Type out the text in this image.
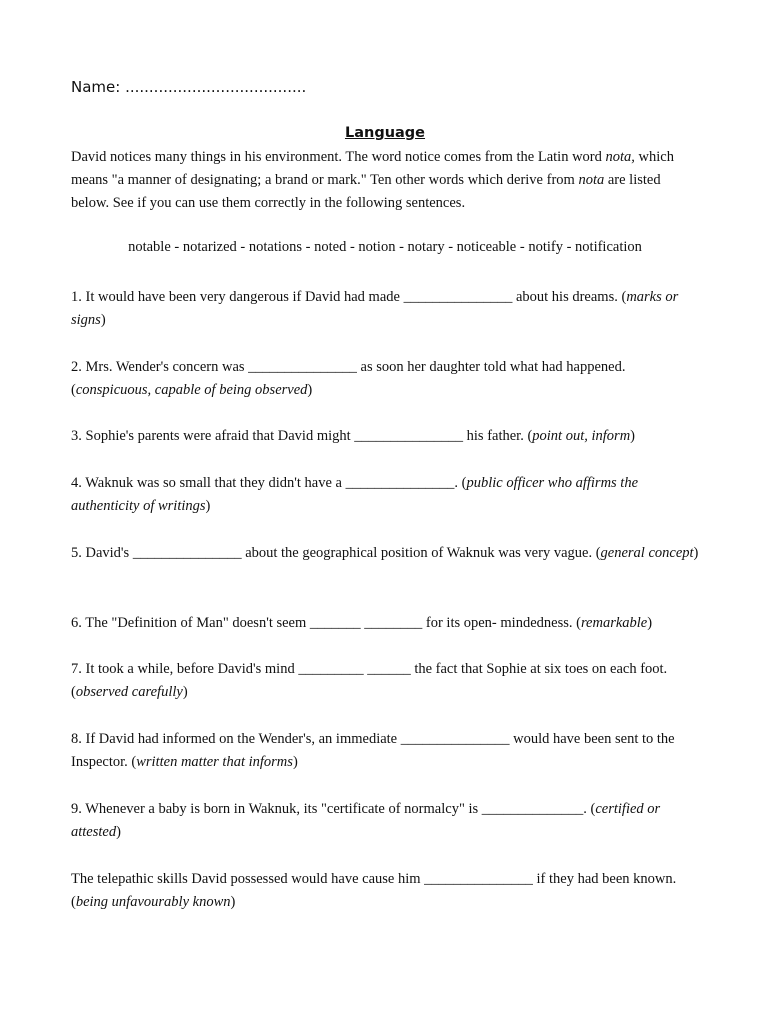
Name: ......................................
Language

David notices many things in his environment. The word notice comes from the Latin word nota, which means "a manner of designating; a brand or mark." Ten other words which derive from nota are listed below. See if you can use them correctly in the following sentences.

notable - notarized - notations - noted - notion - notary - noticeable - notify - notification

1. It would have been very dangerous if David had made _______________ about his dreams. (marks or signs)

2. Mrs. Wender's concern was _______________ as soon her daughter told what had happened. (conspicuous, capable of being observed)

3. Sophie's parents were afraid that David might _______________ his father. (point out, inform)

4. Waknuk was so small that they didn't have a _______________. (public officer who affirms the authenticity of writings)

5. David's _______________ about the geographical position of Waknuk was very vague. (general concept)

6. The "Definition of Man" doesn't seem _______ ________ for its open- mindedness. (remarkable)

7. It took a while, before David's mind _________ ______ the fact that Sophie at six toes on each foot. (observed carefully)

8. If David had informed on the Wender's, an immediate _______________ would have been sent to the Inspector. (written matter that informs)

9. Whenever a baby is born in Waknuk, its "certificate of normalcy" is ______________. (certified or attested)

The telepathic skills David possessed would have cause him _______________ if they had been known. (being unfavourably known)
